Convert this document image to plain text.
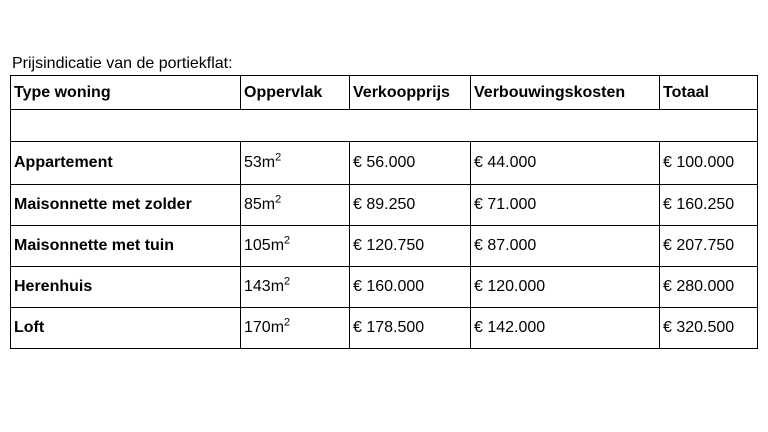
Prijsindicatie van de portiekflat:
Type woning	Oppervlak	Verkoopprijs	Verbouwingskosten	Totaal

Appartement	$53m^2$	€ 56.000	€ 44.000	€ 100.000
Maisonnette met zolder	$85m^2$	€ 89.250	€ 71.000	€ 160.250
Maisonnette met tuin	$105m^2$	€ 120.750	€ 87.000	€ 207.750
Herenhuis	$143m^2$	€ 160.000	€ 120.000	€ 280.000
Loft	$170m^2$	€ 178.500	€ 142.000	€ 320.500
